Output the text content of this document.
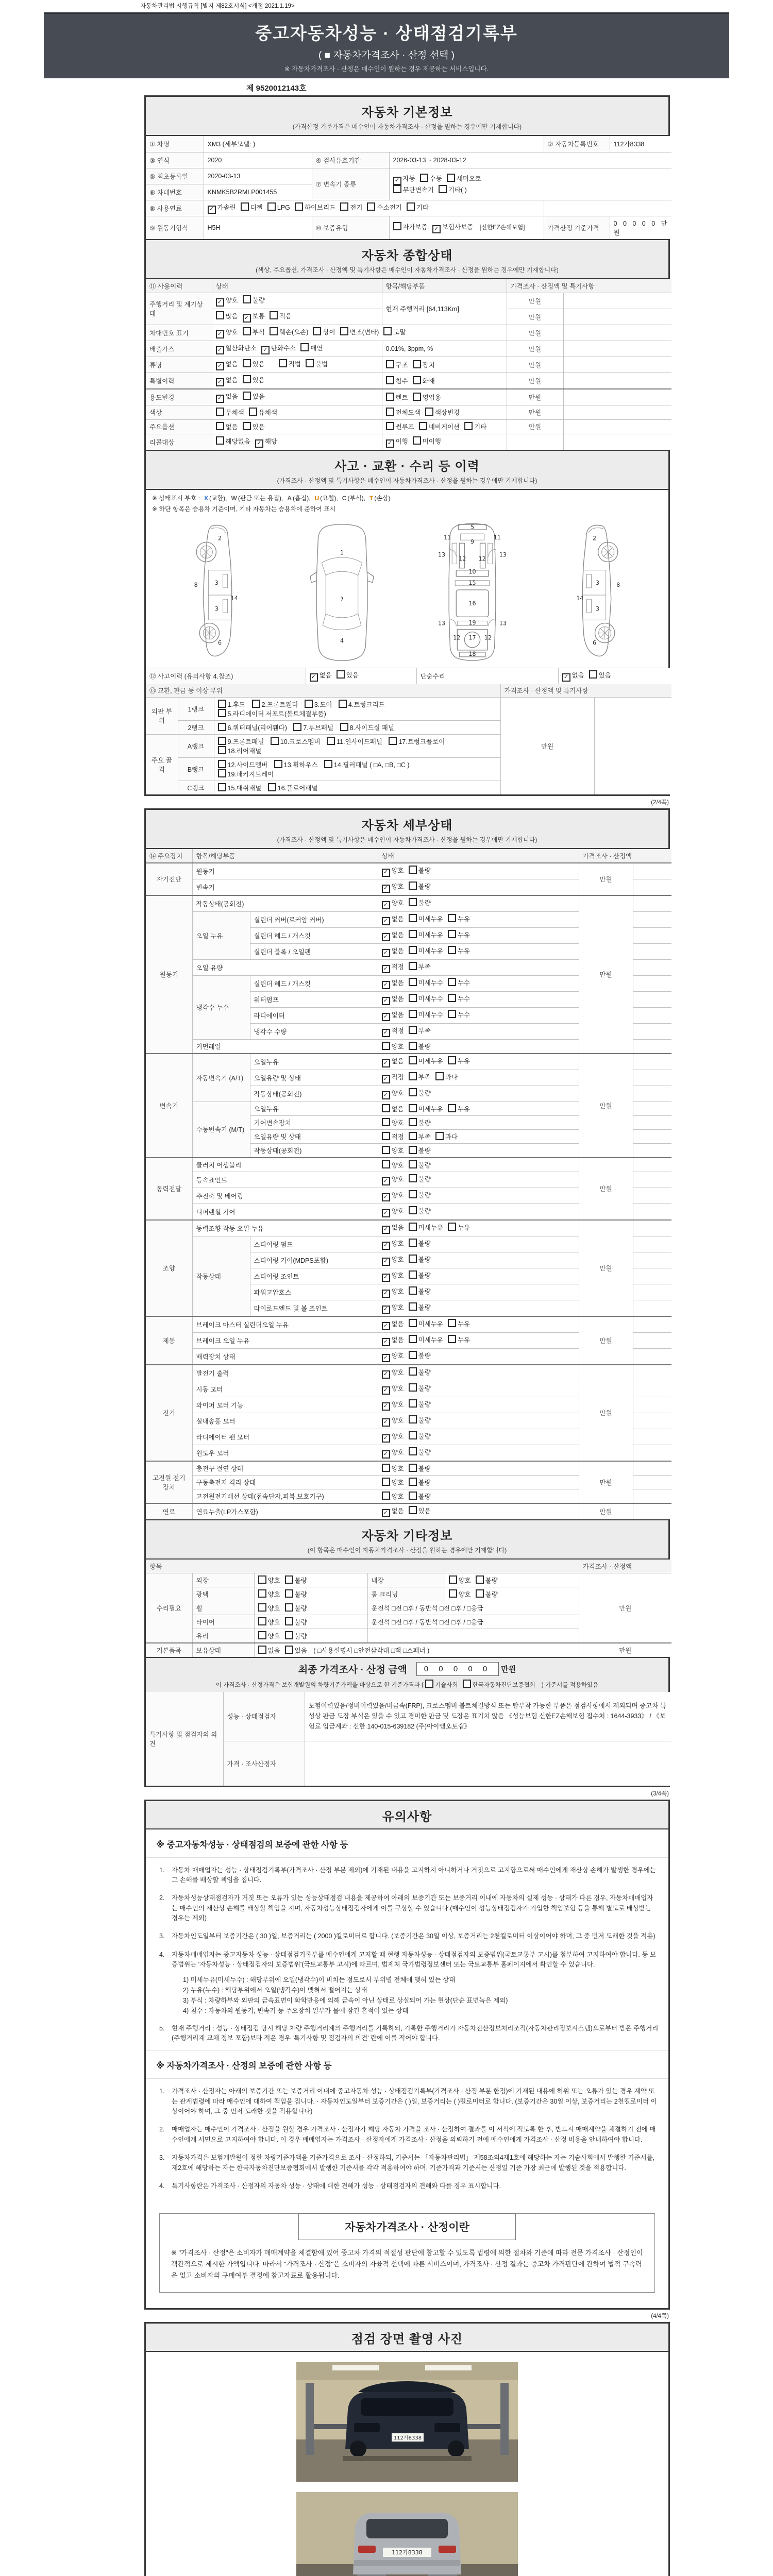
자동차관리법 시행규칙 [별지 제82호서식] <개정 2021.1.19>
중고자동차성능 · 상태점검기록부
( ■ 자동차가격조사 · 산정 선택 )
※ 자동차가격조사 · 산정은 매수인이 원하는 경우 제공하는 서비스입니다.
제 9520012143호
자동차 기본정보
(가격산정 기준가격은 매수인이 자동차가격조사 · 산정을 원하는 경우에만 기재합니다)
① 차명	XM3 (세부모델: )			② 자동차등록번호	112가8338
③ 연식	2020	④ 검사유효기간	2026-03-13 ~ 2028-03-12		
⑤ 최초등록일	2020-03-13	⑦ 변속기 종류	✓ 자동 수동 세미오토
무단변속기 기타( )		
⑥ 차대번호	KNMK5B2RMLP001455				
⑧ 사용연료	✓ 가솔린 디젤 LPG 하이브리드 전기 수소전기 기타				
⑨ 원동기형식	H5H	⑩ 보증유형	자가보증 ✓ 보험사보증 [신한EZ손해보험]	가격산정 기준가격	0 0 0 0 0 만원
자동차 종합상태
(색상, 주요옵션, 가격조사 · 산정액 및 특기사항은 매수인이 자동차가격조사 · 산정을 원하는 경우에만 기재합니다)
⑪ 사용이력	상태	항목/해당부품	가격조사 · 산정액 및 특기사항	
주행거리 및 계기상태	✓ 양호 불량	현재 주행거리 [64,113Km]	만원	
	많음 ✓ 보통 적음		만원	
차대번호 표기	✓ 양호 부식 훼손(오손) 상이 변조(변타) 도말		만원	
배출가스	✓ 일산화탄소 ✓ 탄화수소 매연	0.01%, 3ppm, %	만원	
튜닝	✓ 없음 있음 적법 불법	구조 장치	만원	
특별이력	✓ 없음 있음	침수 화재	만원	
용도변경	✓ 없음 있음	렌트 영업용	만원	
색상	무채색 유채색	전체도색 색상변경	만원	
주요옵션	없음 있음	썬루프 네비게이션 기타	만원	
리콜대상	해당없음 ✓ 해당	✓ 이행 미이행		
사고 · 교환 · 수리 등 이력
(가격조사 · 산정액 및 특기사항은 매수인이 자동차가격조사 · 산정을 원하는 경우에만 기재합니다)
※ 상태표시 부호 : X (교환), W (판금 또는 용접), A (흠집), U (요철), C (부식), T (손상)
※ 하단 항목은 승용차 기준이며, 기타 자동차는 승용차에 준하여 표시
2
8	3
3
14
6
1
7
4
5
9
11	11
13	13
12 12
10
15
16
13	13
19
12	12
17
18
2
8
3
3
14
6
⑫ 사고이력 (유의사항 4.참조)	✓ 없음 있음	단순수리	✓ 없음 있음
⑬ 교환, 판금 등 이상 부위			가격조사 · 산정액 및 특기사항	
외판 부위	1랭크	1.후드 2.프론트휀더 3.도어 4.트렁크리드
5.라디에이터 서포트(볼트체결부품)	만원	
	2랭크	6.쿼터패널(리어휀다) 7.루브패널 8.사이드실 패널		

주요 골격	A랭크	9.프론트패널 10.크로스멤버 11.인사이드패널 17.트렁크플로어
18.리어패널		

	B랭크	12.사이드멤버 13.휠하우스 14.필러패널 ( □A, □B, □C )
19.패키지트레이		

	C랭크	15.대쉬패널 16.플로어패널		
(2/4쪽)
자동차 세부상태
(가격조사 · 산정액 및 특기사항은 매수인이 자동차가격조사 · 산정을 원하는 경우에만 기재합니다)
⑭ 주요장치	항목/해당부품		상태	가격조사 · 산정액	
자기진단	원동기		✓ 양호 불량	만원	
	변속기		✓ 양호 불량		
원동기	작동상태(공회전)		✓ 양호 불량	만원	
	오일 누유	실린더 커버(로커암 커버)	✓ 없음 미세누유 누유		
		실린더 헤드 / 개스킷	✓ 없음 미세누유 누유		
		실린더 블록 / 오일팬	✓ 없음 미세누유 누유		
	오일 유량		✓ 적정 부족		
	냉각수 누수	실린더 헤드 / 개스킷	✓ 없음 미세누수 누수		
		워터펌프	✓ 없음 미세누수 누수		
		라디에이터	✓ 없음 미세누수 누수		
		냉각수 수량	✓ 적정 부족		
	커먼레일		양호 불량		
변속기	자동변속기 (A/T)	오일누유	✓ 없음 미세누유 누유	만원	
		오일유량 및 상태	✓ 적정 부족 과다		
		작동상태(공회전)	✓ 양호 불량		
	수동변속기 (M/T)	오일누유	없음 미세누유 누유		
		기어변속장치	양호 불량		
		오일유량 및 상태	적정 부족 과다		
		작동상태(공회전)	양호 불량		
동력전달	클러치 어셈블리		양호 불량	만원	
	등속죠인트		✓ 양호 불량		
	추진축 및 베어링		✓ 양호 불량		
	디퍼렌셜 기어		✓ 양호 불량		
조향	동력조향 작동 오일 누유		✓ 없음 미세누유 누유	만원	
	작동상태	스티어링 펌프	✓ 양호 불량		
		스티어링 기어(MDPS포함)	✓ 양호 불량		
		스티어링 조인트	✓ 양호 불량		
		파워고압호스	✓ 양호 불량		
		타이로드엔드 및 볼 조인트	✓ 양호 불량		
제동	브레이크 마스터 실린더오일 누유		✓ 없음 미세누유 누유	만원	
	브레이크 오일 누유		✓ 없음 미세누유 누유		
	배력장치 상태		✓ 양호 불량		
전기	발전기 출력		✓ 양호 불량	만원	
	시동 모터		✓ 양호 불량		
	와이퍼 모터 기능		✓ 양호 불량		
	실내송풍 모터		✓ 양호 불량		
	라디에이터 팬 모터		✓ 양호 불량		
	윈도우 모터		✓ 양호 불량		
고전원 전기장치	충전구 절연 상태		양호 불량	만원	
	구동축전지 격리 상태		양호 불량		
	고전원전기배선 상태(접속단자,피복,보호기구)		양호 불량		
연료	연료누출(LP가스포함)		✓ 없음 있음	만원	
자동차 기타정보
(이 항목은 매수인이 자동차가격조사 · 산정을 원하는 경우에만 기재합니다)
항목					가격조사 · 산정액
수리필요	외장	양호 불량	내장	양호 불량	만원
	광택	양호 불량	룸 크리닝	양호 불량	
	휠	양호 불량	운전석 □전 □후 / 동반석 □전 □후 / □응급		
	타이어	양호 불량	운전석 □전 □후 / 동반석 □전 □후 / □응급		
	유리	양호 불량			
기본품목	보유상태	없음 있음 ( □사용설명서 □안전삼각대 □잭 □스패너 )			만원
최종 가격조사 · 산정 금액 0 0 0 0 0 만원
이 가격조사 · 산정가격은 보험개발원의 차량기준가액을 바탕으로 한 기준가격과 ( 기술사회 한국자동차진단보증협회 ) 기준서를 적용하였음
특기사항 및 점검자의 의견	성능 · 상태점검자	보험이력있음/정비이력있음/비금속(FRP), 크로스멤버 볼트체결방식 또는 탈부착 가능한 부품은 점검사항에서 제외되며 중고차 특성상 판금 도장 부식은 있을 수 있고 경미한 판금 및 도장은 표기치 않음 《성능보험 신한EZ손해보험 접수처 : 1644-3933》 / 《보험료 입금계좌 : 신한 140-015-639182 (주)아이엠오토랩》
	가격 · 조사산정자	
(3/4쪽)
유의사항
※ 중고자동차성능 · 상태점검의 보증에 관한 사항 등
1.	자동차 매매업자는 성능 · 상태점검기록부(가격조사 · 산정 부분 제외)에 기재된 내용을 고지하지 아니하거나 거짓으로 고지함으로써 매수인에게 재산상 손해가 발생한 경우에는 그 손해를 배상할 책임을 집니다.
2.	자동차성능상태점검자가 거짓 또는 오류가 있는 성능상태점검 내용을 제공하여 아래의 보증기간 또는 보증거리 이내에 자동차의 실제 성능 · 상태가 다른 경우, 자동차매매업자는 매수인의 재산상 손해를 배상할 책임을 지며, 자동차성능상태점검자에게 이를 구상할 수 있습니다.(매수인이 성능상태점검자가 가입한 책임보험 등을 통해 별도로 배상받는 경우는 제외)
3.	자동차인도일부터 보증기간은 ( 30 )일, 보증거리는 ( 2000 )킬로미터로 합니다. (보증기간은 30일 이상, 보증거리는 2천킬로미터 이상이어야 하며, 그 중 먼저 도래한 것을 적용)
4.	자동차매매업자는 중고자동차 성능 · 상태점검기록부를 매수인에게 고지할 때 현행 자동차성능 · 상태점검자의 보증범위(국토교통부 고시)를 첨부하여 고지하여야 합니다. 동 보증범위는 '자동차성능 · 상태점검자의 보증범위'(국토교통부 고시)에 따르며, 법제처 국가법령정보센터 또는 국토교통부 홈페이지에서 확인할 수 있습니다.
1) 미세누유(미세누수) : 해당부위에 오일(냉각수)이 비치는 정도로서 부위별 전체에 맺혀 있는 상태
2) 누유(누수) : 해당부위에서 오일(냉각수)이 맺혀서 떨어지는 상태
3) 부식 : 차량하부와 외판의 금속표면이 화학반응에 의해 금속이 아닌 상태로 상실되어 가는 현상(단순 표면녹은 제외)
4) 침수 : 자동차의 원동기, 변속기 등 주요장치 일부가 물에 잠긴 흔적이 있는 상태
5.	현재 주행거리 : 성능 · 상태점검 당시 해당 차량 주행거리계의 주행거리를 기록하되, 기록한 주행거리가 자동차전산정보처리조직(자동차관리정보시스템)으로부터 받은 주행거리(주행거리계 교체 정보 포함)보다 적은 경우 '특기사항 및 점검자의 의견' 란에 이를 적어야 합니다.
※ 자동차가격조사 · 산정의 보증에 관한 사항 등
1.	가격조사 · 산정자는 아래의 보증기간 또는 보증거리 이내에 중고자동차 성능 · 상태점검기록부(가격조사 · 산정 부분 한정)에 기재된 내용에 허위 또는 오류가 있는 경우 계약 또는 관계법령에 따라 매수인에 대하여 책임을 집니다. · 자동차인도일부터 보증기간은 ( )일, 보증거리는 ( )킬로미터로 합니다. (보증기간은 30일 이상, 보증거리는 2천킬로미터 이상이어야 하며, 그 중 먼저 도래한 것을 적용합니다)
2.	매매업자는 매수인이 가격조사 · 산정을 원할 경우 가격조사 · 산정자가 해당 자동차 가격을 조사 · 산정하여 결과를 이 서식에 적도록 한 후, 반드시 매매계약을 체결하기 전에 매수인에게 서면으로 고지하여야 합니다. 이 경우 매매업자는 가격조사 · 산정자에게 가격조사 · 산정을 의뢰하기 전에 매수인에게 가격조사 · 산정 비용을 안내하여야 합니다.
3.	자동차가격은 보험개발원이 정한 차량기준가액을 기준가격으로 조사 · 산정하되, 기준서는 「자동차관리법」 제58조의4제1호에 해당하는 자는 기술사회에서 발행한 기준서를, 제2호에 해당하는 자는 한국자동차진단보증협회에서 발행한 기준서를 각각 적용하여야 하며, 기준가격과 기준서는 산정일 기준 가장 최근에 발행된 것을 적용합니다.
4.	특기사항란은 가격조사 · 산정자의 자동차 성능 · 상태에 대한 견해가 성능 · 상태점검자의 견해와 다를 경우 표시합니다.
자동차가격조사 · 산정이란
※ "가격조사 · 산정"은 소비자가 매매계약을 체결함에 있어 중고차 가격의 적절성 판단에 참고할 수 있도록 법령에 의한 절차와 기준에 따라 전문 가격조사 · 산정인이 객관적으로 제시한 가액입니다. 따라서 "가격조사 · 산정"은 소비자의 자율적 선택에 따른 서비스이며, 가격조사 · 산정 결과는 중고차 가격판단에 관하여 법적 구속력은 없고 소비자의 구매여부 결정에 참고자료로 활용됩니다.
(4/4쪽)
점검 장면 촬영 사진
112가8338
112가8338
